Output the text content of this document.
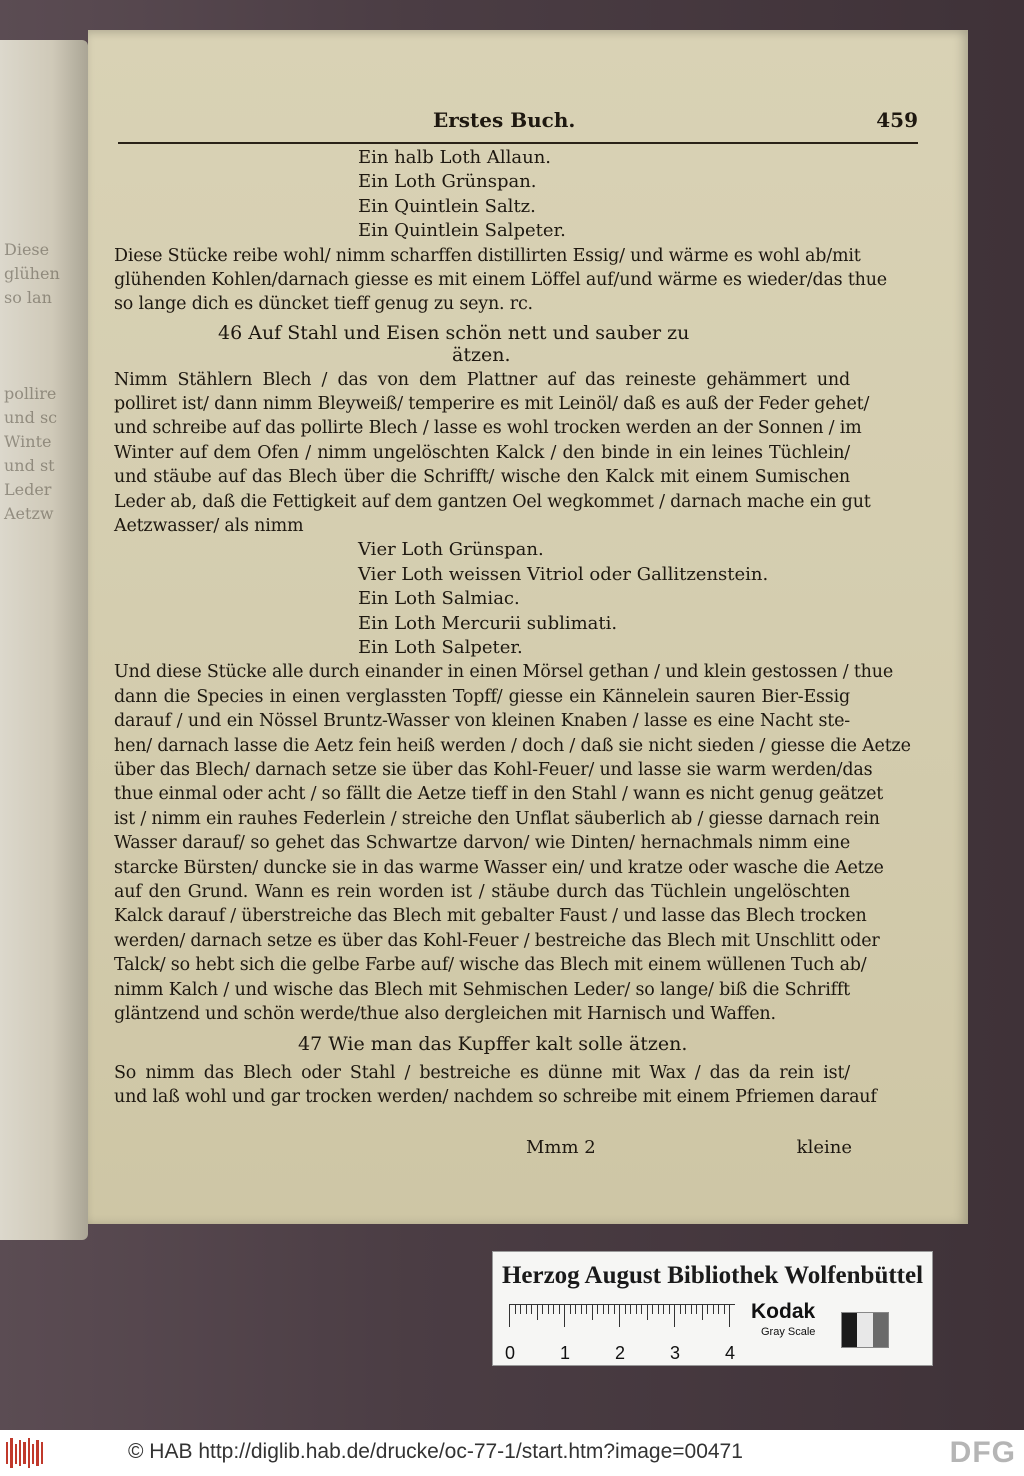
Diese
glühen
so lan
pollire
und sc
Winte
und st
Leder
Aetzw
Erstes Buch.	459
Ein halb Loth Allaun.
Ein Loth Grünspan.
Ein Quintlein Saltz.
Ein Quintlein Salpeter.
Diese Stücke reibe wohl/ nimm scharffen distillirten Essig/ und wärme es wohl ab/mit
glühenden Kohlen/darnach giesse es mit einem Löffel auf/und wärme es wieder/das thue
so lange dich es düncket tieff genug zu seyn. rc.
46 Auf Stahl und Eisen schön nett und sauber zu
ätzen.
Nimm Stählern Blech / das von dem Plattner auf das reineste gehämmert und
polliret ist/ dann nimm Bleyweiß/ temperire es mit Leinöl/ daß es auß der Feder gehet/
und schreibe auf das pollirte Blech / lasse es wohl trocken werden an der Sonnen / im
Winter auf dem Ofen / nimm ungelöschten Kalck / den binde in ein leines Tüchlein/
und stäube auf das Blech über die Schrifft/ wische den Kalck mit einem Sumischen
Leder ab, daß die Fettigkeit auf dem gantzen Oel wegkommet / darnach mache ein gut
Aetzwasser/ als nimm
Vier Loth Grünspan.
Vier Loth weissen Vitriol oder Gallitzenstein.
Ein Loth Salmiac.
Ein Loth Mercurii sublimati.
Ein Loth Salpeter.
Und diese Stücke alle durch einander in einen Mörsel gethan / und klein gestossen / thue
dann die Species in einen verglassten Topff/ giesse ein Kännelein sauren Bier-Essig
darauf / und ein Nössel Bruntz-Wasser von kleinen Knaben / lasse es eine Nacht ste-
hen/ darnach lasse die Aetz fein heiß werden / doch / daß sie nicht sieden / giesse die Aetze
über das Blech/ darnach setze sie über das Kohl-Feuer/ und lasse sie warm werden/das
thue einmal oder acht / so fällt die Aetze tieff in den Stahl / wann es nicht genug geätzet
ist / nimm ein rauhes Federlein / streiche den Unflat säuberlich ab / giesse darnach rein
Wasser darauf/ so gehet das Schwartze darvon/ wie Dinten/ hernachmals nimm eine
starcke Bürsten/ duncke sie in das warme Wasser ein/ und kratze oder wasche die Aetze
auf den Grund. Wann es rein worden ist / stäube durch das Tüchlein ungelöschten
Kalck darauf / überstreiche das Blech mit gebalter Faust / und lasse das Blech trocken
werden/ darnach setze es über das Kohl-Feuer / bestreiche das Blech mit Unschlitt oder
Talck/ so hebt sich die gelbe Farbe auf/ wische das Blech mit einem wüllenen Tuch ab/
nimm Kalch / und wische das Blech mit Sehmischen Leder/ so lange/ biß die Schrifft
gläntzend und schön werde/thue also dergleichen mit Harnisch und Waffen.
47 Wie man das Kupffer kalt solle ätzen.
So nimm das Blech oder Stahl / bestreiche es dünne mit Wax / das da rein ist/
und laß wohl und gar trocken werden/ nachdem so schreibe mit einem Pfriemen darauf
Mmm 2	kleine
Herzog August Bibliothek Wolfenbüttel
0 1 2 3 4
Kodak
Gray Scale
© HAB http://diglib.hab.de/drucke/oc-77-1/start.htm?image=00471	DFG
